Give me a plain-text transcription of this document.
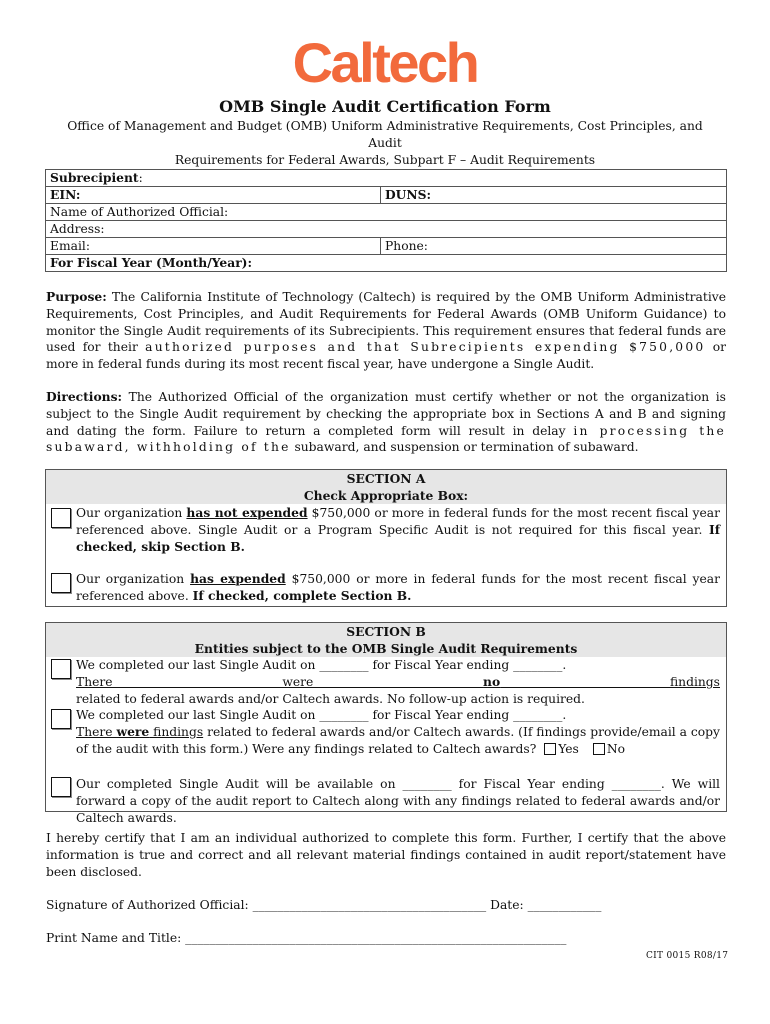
Caltech
OMB Single Audit Certification Form
Office of Management and Budget (OMB) Uniform Administrative Requirements, Cost Principles, and Audit
Requirements for Federal Awards, Subpart F – Audit Requirements
Subrecipient:	
EIN:	DUNS:
Name of Authorized Official:	
Address:	
Email:	Phone:
For Fiscal Year (Month/Year):	

Purpose: The California Institute of Technology (Caltech) is required by the OMB Uniform Administrative Requirements, Cost Principles, and Audit Requirements for Federal Awards (OMB Uniform Guidance) to monitor the Single Audit requirements of its Subrecipients. This requirement ensures that federal funds are used for their authorized purposes and that Subrecipients expending $750,000 or more in federal funds during its most recent fiscal year, have undergone a Single Audit.

Directions: The Authorized Official of the organization must certify whether or not the organization is subject to the Single Audit requirement by checking the appropriate box in Sections A and B and signing and dating the form. Failure to return a completed form will result in delay in processing the subaward, withholding of the subaward, and suspension or termination of subaward.

SECTION A
Check Appropriate Box:
Our organization has not expended $750,000 or more in federal funds for the most recent fiscal year referenced above. Single Audit or a Program Specific Audit is not required for this fiscal year. If checked, skip Section B.
Our organization has expended $750,000 or more in federal funds for the most recent fiscal year referenced above. If checked, complete Section B.
SECTION B
Entities subject to the OMB Single Audit Requirements
We completed our last Single Audit on ________ for Fiscal Year ending ________.
There were no findingsrelated to federal awards and/or Caltech awards. No follow-up action is required.
We completed our last Single Audit on ________ for Fiscal Year ending ________.
There were findings related to federal awards and/or Caltech awards. (If findings provide/email a copy of the audit with this form.) Were any findings related to Caltech awards? Yes No
Our completed Single Audit will be available on ________ for Fiscal Year ending ________. We will forward a copy of the audit report to Caltech along with any findings related to federal awards and/or Caltech awards.

I hereby certify that I am an individual authorized to complete this form. Further, I certify that the above information is true and correct and all relevant material findings contained in audit report/statement have been disclosed.

Signature of Authorized Official: ______________________________________ Date: ____________
Print Name and Title: ______________________________________________________________
CIT 0015 R08/17
